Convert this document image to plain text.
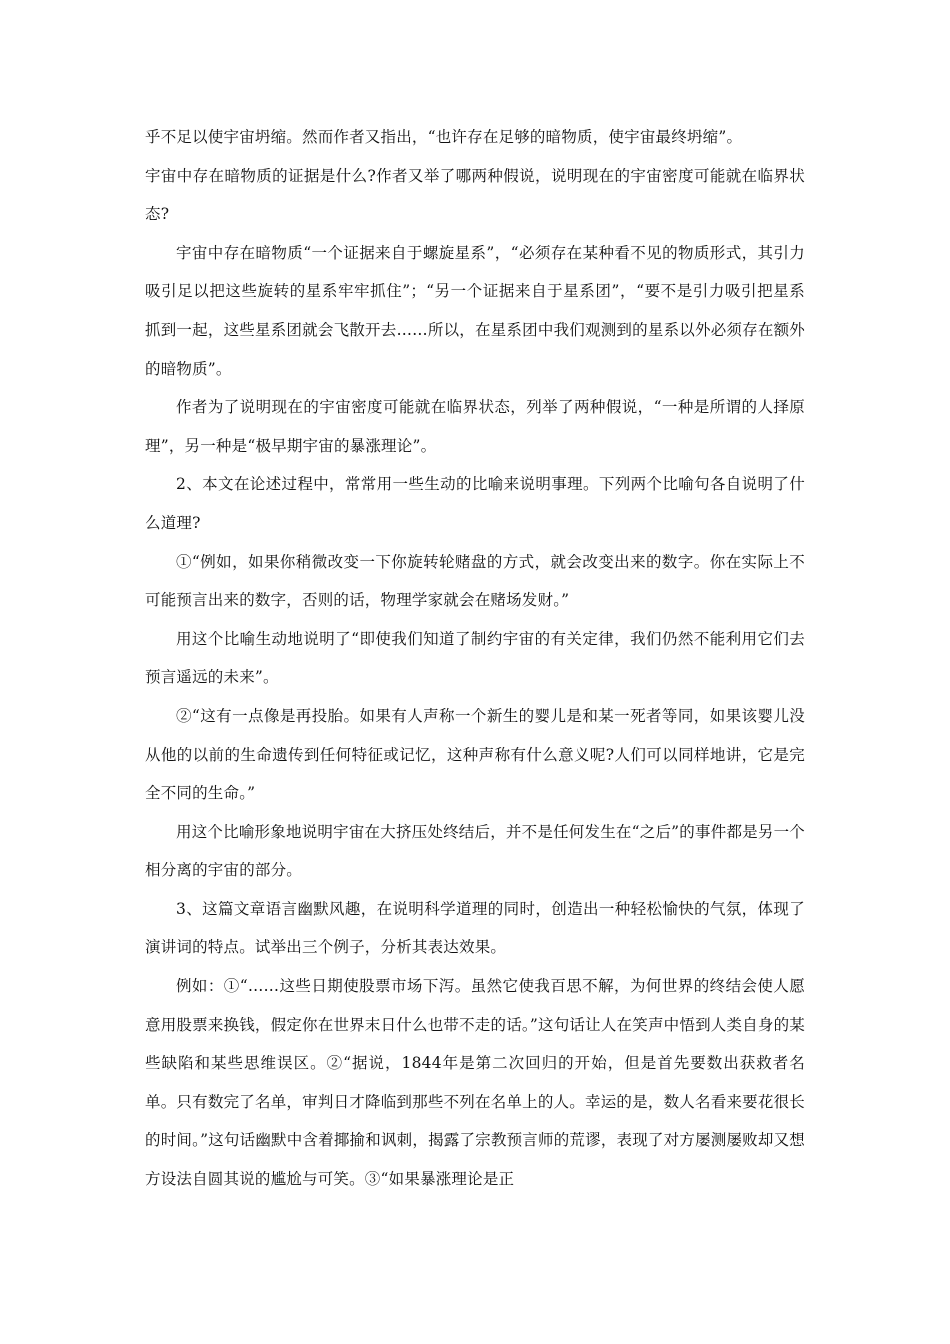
乎不足以使宇宙坍缩。然而作者又指出，“也许存在足够的暗物质，使宇宙最终坍缩”。

宇宙中存在暗物质的证据是什么?作者又举了哪两种假说，说明现在的宇宙密度可能就在临界状态?

宇宙中存在暗物质“一个证据来自于螺旋星系”，“必须存在某种看不见的物质形式，其引力吸引足以把这些旋转的星系牢牢抓住”；“另一个证据来自于星系团”，“要不是引力吸引把星系抓到一起，这些星系团就会飞散开去……所以，在星系团中我们观测到的星系以外必须存在额外的暗物质”。

作者为了说明现在的宇宙密度可能就在临界状态，列举了两种假说，“一种是所谓的人择原理”，另一种是“极早期宇宙的暴涨理论”。

2、本文在论述过程中，常常用一些生动的比喻来说明事理。下列两个比喻句各自说明了什么道理?

①“例如，如果你稍微改变一下你旋转轮赌盘的方式，就会改变出来的数字。你在实际上不可能预言出来的数字，否则的话，物理学家就会在赌场发财。”

用这个比喻生动地说明了“即使我们知道了制约宇宙的有关定律，我们仍然不能利用它们去预言遥远的未来”。

②“这有一点像是再投胎。如果有人声称一个新生的婴儿是和某一死者等同，如果该婴儿没从他的以前的生命遗传到任何特征或记忆，这种声称有什么意义呢?人们可以同样地讲，它是完全不同的生命。”

用这个比喻形象地说明宇宙在大挤压处终结后，并不是任何发生在“之后”的事件都是另一个相分离的宇宙的部分。

3、这篇文章语言幽默风趣，在说明科学道理的同时，创造出一种轻松愉快的气氛，体现了演讲词的特点。试举出三个例子，分析其表达效果。

例如：①“……这些日期使股票市场下泻。虽然它使我百思不解，为何世界的终结会使人愿意用股票来换钱，假定你在世界末日什么也带不走的话。”这句话让人在笑声中悟到人类自身的某些缺陷和某些思维误区。②“据说，1844年是第二次回归的开始，但是首先要数出获救者名单。只有数完了名单，审判日才降临到那些不列在名单上的人。幸运的是，数人名看来要花很长的时间。”这句话幽默中含着揶揄和讽刺，揭露了宗教预言师的荒谬，表现了对方屡测屡败却又想方设法自圆其说的尴尬与可笑。③“如果暴涨理论是正
